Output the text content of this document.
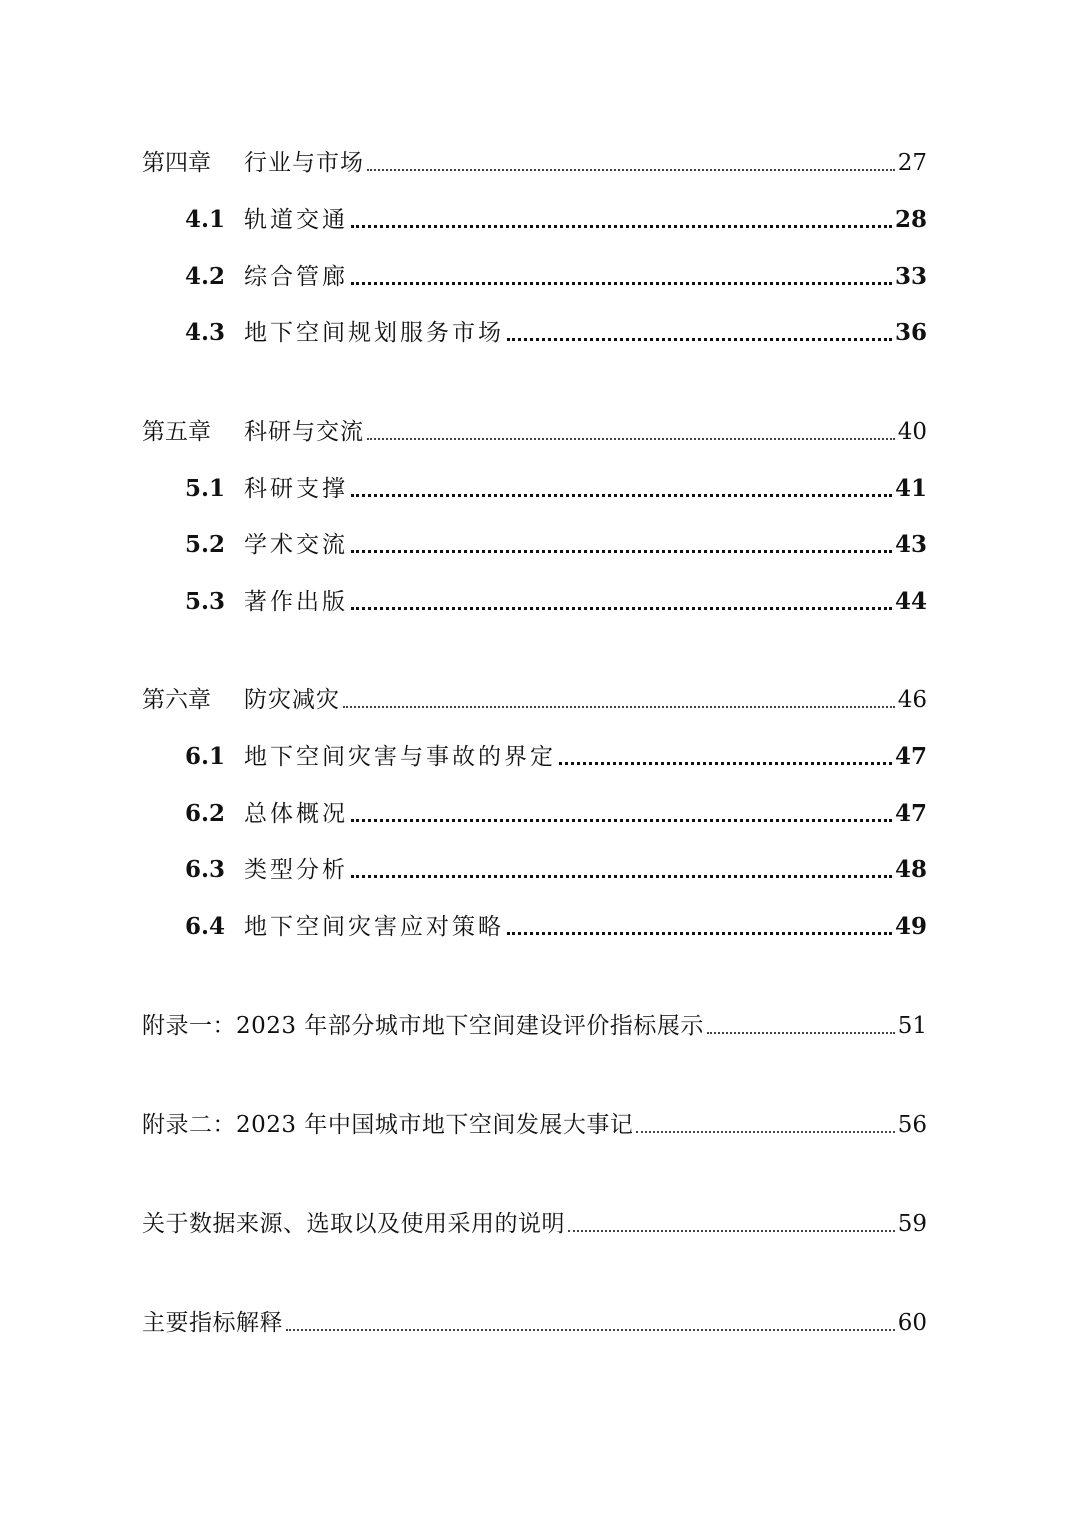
第四章	行业与市场	27
4.1 轨道交通	28
4.2 综合管廊	33
4.3 地下空间规划服务市场	36
第五章	科研与交流	40
5.1 科研支撑	41
5.2 学术交流	43
5.3 著作出版	44
第六章	防灾减灾	46
6.1 地下空间灾害与事故的界定	47
6.2 总体概况	47
6.3 类型分析	48
6.4 地下空间灾害应对策略	49
附录一：2023 年部分城市地下空间建设评价指标展示	51
附录二：2023 年中国城市地下空间发展大事记	56
关于数据来源、选取以及使用采用的说明	59
主要指标解释	60
